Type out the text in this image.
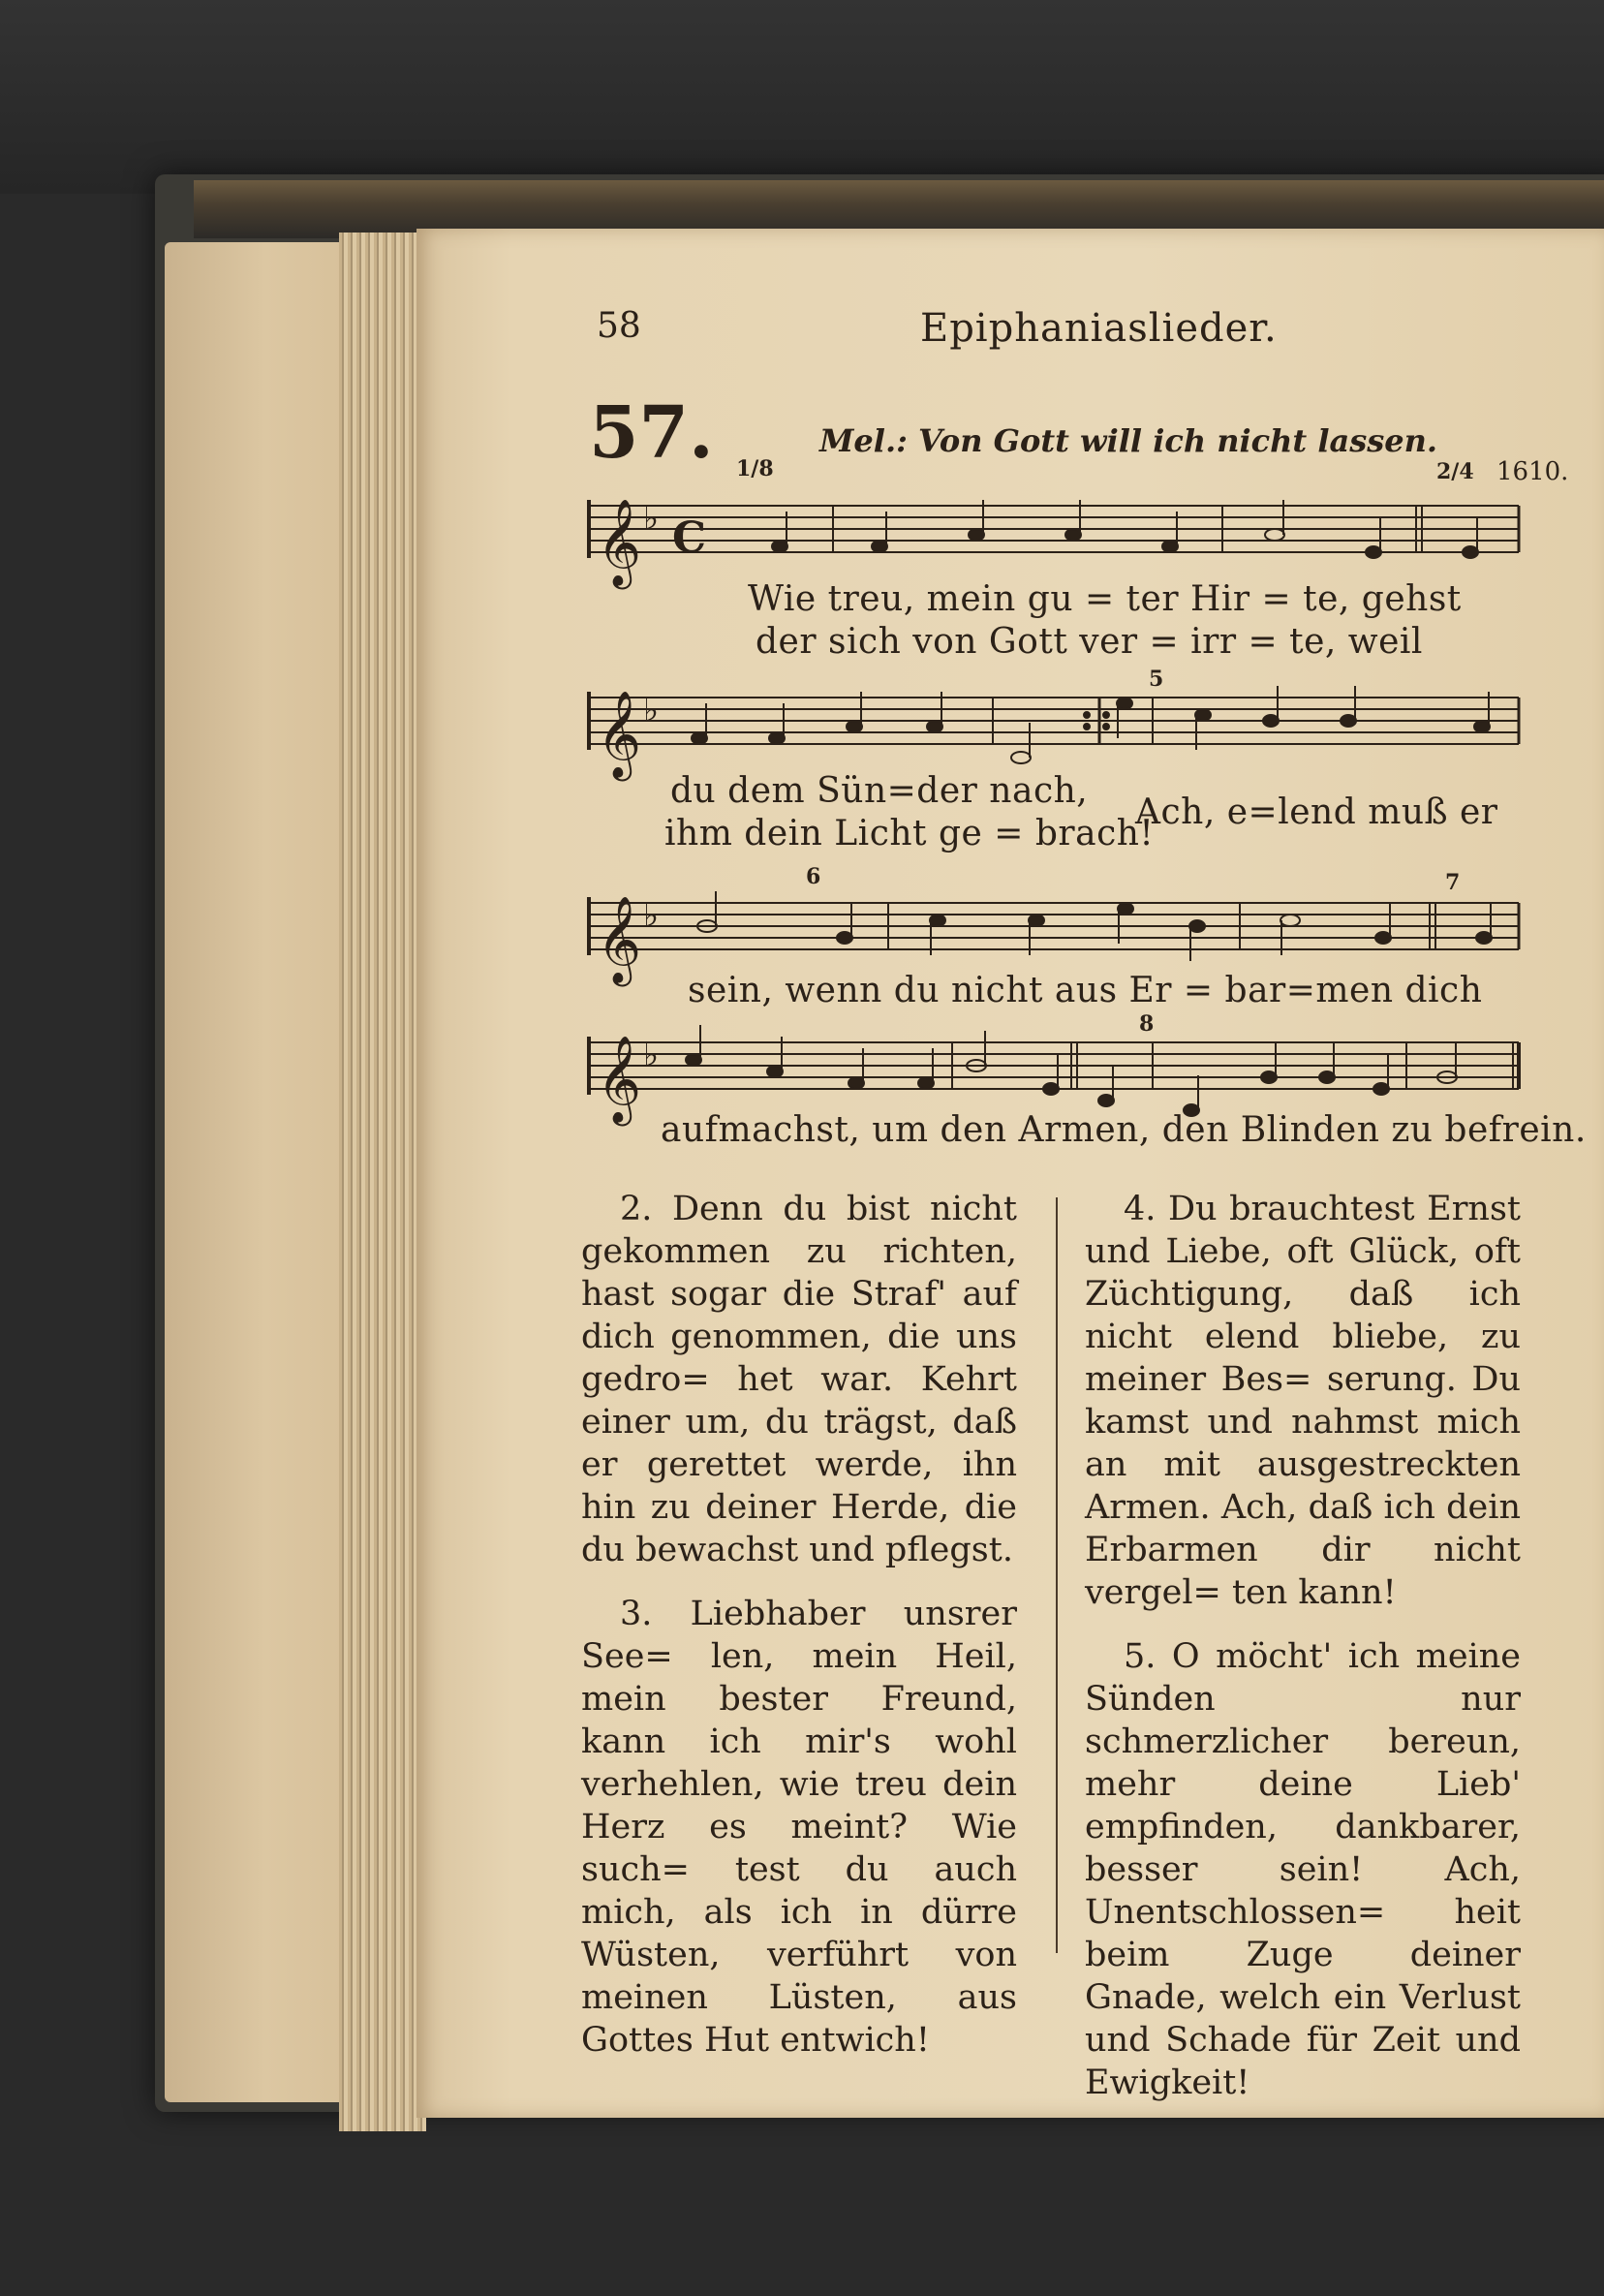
58	Epiphaniaslieder.
57.	Mel.: Von Gott will ich nicht lassen.
1610.
1/8	2/4
𝄞
𝄞
𝄞
𝄞
♭
♭
♭
♭
C
5
6	7
8
Wie treu, mein gu = ter Hir = te, gehst
der sich von Gott ver = irr = te, weil
du dem Sün=der nach,
ihm dein Licht ge = brach!
Ach, e=lend muß er
sein, wenn du nicht aus Er = bar=men dich
aufmachst, um den Armen, den Blinden zu befrein.

2. Denn du bist nicht gekommen zu richten, hast sogar die Straf' auf dich genommen, die uns gedro= het war. Kehrt einer um, du trägst, daß er gerettet werde, ihn hin zu deiner Herde, die du bewachst und pflegst.

3. Liebhaber unsrer See= len, mein Heil, mein bester Freund, kann ich mir's wohl verhehlen, wie treu dein Herz es meint? Wie such= test du auch mich, als ich in dürre Wüsten, verführt von meinen Lüsten, aus Gottes Hut entwich!

4. Du brauchtest Ernst und Liebe, oft Glück, oft Züchtigung, daß ich nicht elend bliebe, zu meiner Bes= serung. Du kamst und nahmst mich an mit ausgestreckten Armen. Ach, daß ich dein Erbarmen dir nicht vergel= ten kann!

5. O möcht' ich meine Sünden nur schmerzlicher bereun, mehr deine Lieb' empfinden, dankbarer, besser sein! Ach, Unentschlossen= heit beim Zuge deiner Gnade, welch ein Verlust und Schade für Zeit und Ewigkeit!
